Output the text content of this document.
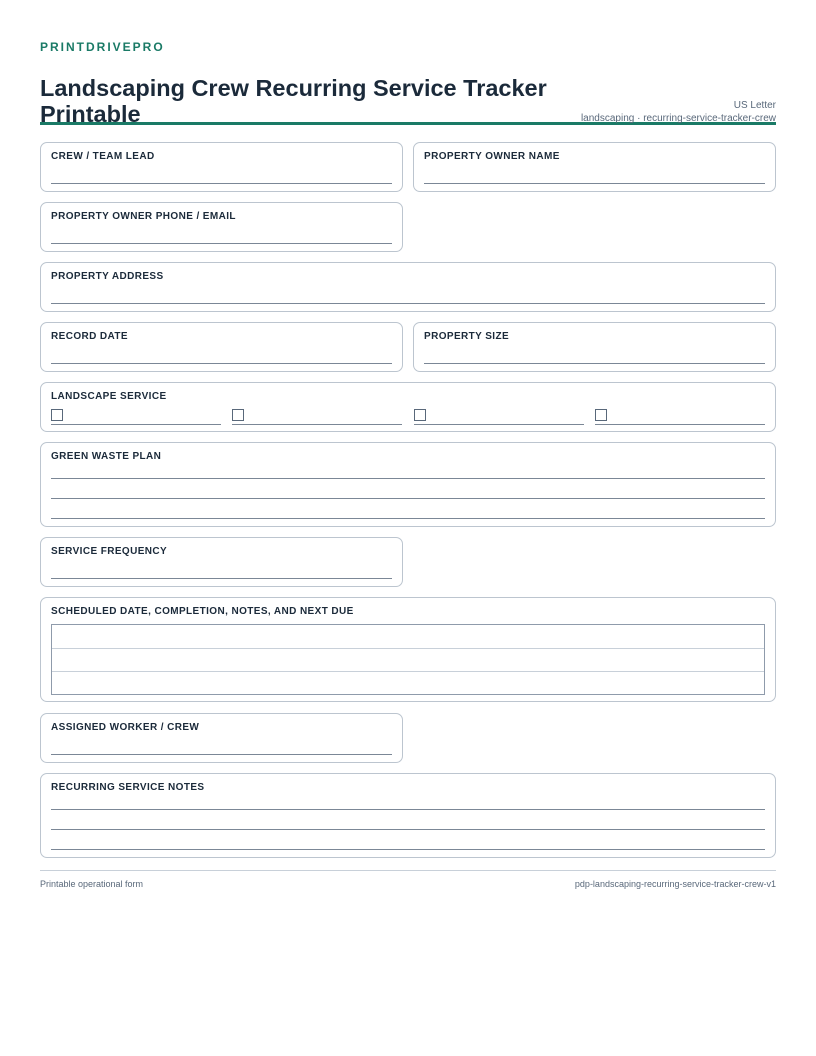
PRINTDRIVEPRO
Landscaping Crew Recurring Service Tracker Printable	US Letter
landscaping · recurring-service-tracker-crew
CREW / TEAM LEAD	PROPERTY OWNER NAME
PROPERTY OWNER PHONE / EMAIL
PROPERTY ADDRESS
RECORD DATE	PROPERTY SIZE
LANDSCAPE SERVICE
GREEN WASTE PLAN
SERVICE FREQUENCY
SCHEDULED DATE, COMPLETION, NOTES, AND NEXT DUE
ASSIGNED WORKER / CREW
RECURRING SERVICE NOTES
Printable operational form	pdp-landscaping-recurring-service-tracker-crew-v1
